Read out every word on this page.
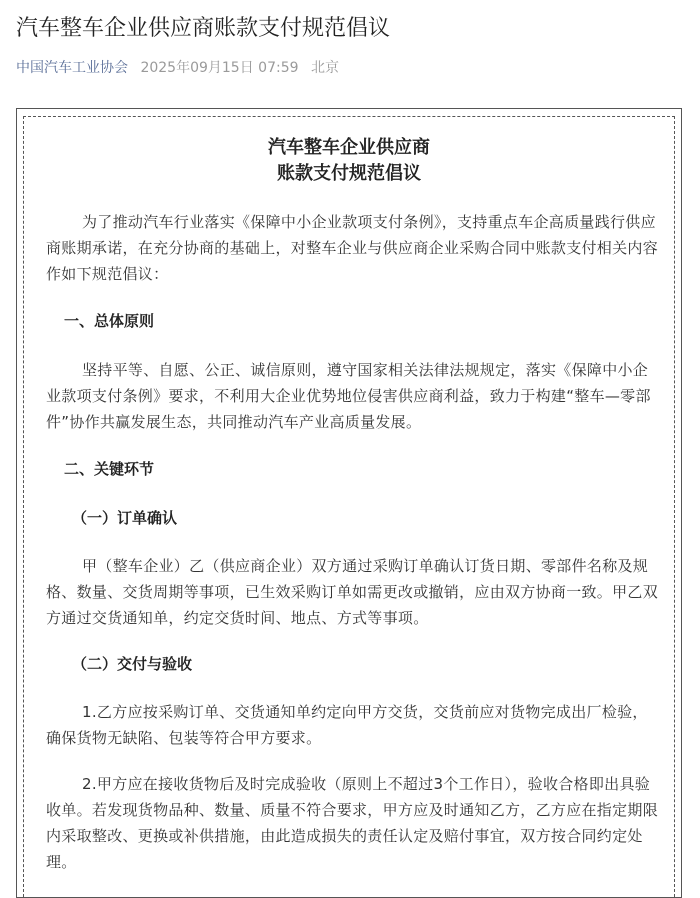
汽车整车企业供应商账款支付规范倡议
中国汽车工业协会 2025年09月15日 07:59 北京
汽车整车企业供应商
账款支付规范倡议
为了推动汽车行业落实《保障中小企业款项支付条例》，支持重点车企高质量践行供应商账期承诺，在充分协商的基础上，对整车企业与供应商企业采购合同中账款支付相关内容作如下规范倡议：
一、总体原则
坚持平等、自愿、公正、诚信原则，遵守国家相关法律法规规定，落实《保障中小企业款项支付条例》要求，不利用大企业优势地位侵害供应商利益，致力于构建“整车—零部件”协作共赢发展生态，共同推动汽车产业高质量发展。
二、关键环节
（一）订单确认
甲（整车企业）乙（供应商企业）双方通过采购订单确认订货日期、零部件名称及规格、数量、交货周期等事项，已生效采购订单如需更改或撤销，应由双方协商一致。甲乙双方通过交货通知单，约定交货时间、地点、方式等事项。
（二）交付与验收
1.乙方应按采购订单、交货通知单约定向甲方交货，交货前应对货物完成出厂检验，确保货物无缺陷、包装等符合甲方要求。
2.甲方应在接收货物后及时完成验收（原则上不超过3个工作日），验收合格即出具验收单。若发现货物品种、数量、质量不符合要求，甲方应及时通知乙方，乙方应在指定期限内采取整改、更换或补供措施，由此造成损失的责任认定及赔付事宜，双方按合同约定处理。
